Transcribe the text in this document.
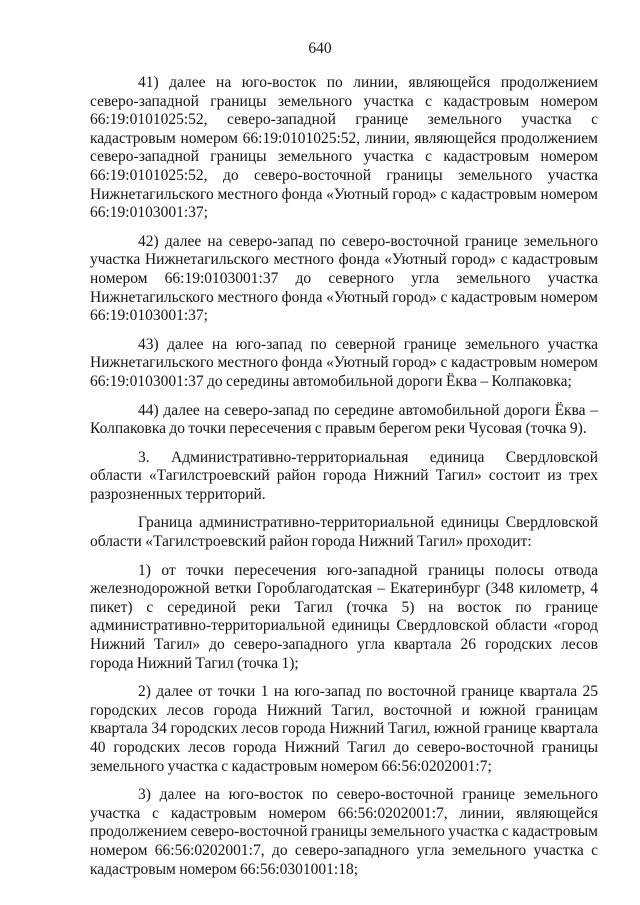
640

41) далее на юго-восток по линии, являющейся продолжением северо-западной границы земельного участка с кадастровым номером 66:19:0101025:52, северо-западной границе земельного участка с кадастровым номером 66:19:0101025:52, линии, являющейся продолжением северо-западной границы земельного участка с кадастровым номером 66:19:0101025:52, до северо-восточной границы земельного участка Нижнетагильского местного фонда «Уютный город» с кадастровым номером 66:19:0103001:37;

42) далее на северо-запад по северо-восточной границе земельного участка Нижнетагильского местного фонда «Уютный город» с кадастровым номером 66:19:0103001:37 до северного угла земельного участка Нижнетагильского местного фонда «Уютный город» с кадастровым номером 66:19:0103001:37;

43) далее на юго-запад по северной границе земельного участка Нижнетагильского местного фонда «Уютный город» с кадастровым номером 66:19:0103001:37 до середины автомобильной дороги Ёква – Колпаковка;

44) далее на северо-запад по середине автомобильной дороги Ёква – Колпаковка до точки пересечения с правым берегом реки Чусовая (точка 9).

3. Административно-территориальная единица Свердловской области «Тагилстроевский район города Нижний Тагил» состоит из трех разрозненных территорий.

Граница административно-территориальной единицы Свердловской области «Тагилстроевский район города Нижний Тагил» проходит:

1) от точки пересечения юго-западной границы полосы отвода железнодорожной ветки Гороблагодатская – Екатеринбург (348 километр, 4 пикет) с серединой реки Тагил (точка 5) на восток по границе административно-территориальной единицы Свердловской области «город Нижний Тагил» до северо-западного угла квартала 26 городских лесов города Нижний Тагил (точка 1);

2) далее от точки 1 на юго-запад по восточной границе квартала 25 городских лесов города Нижний Тагил, восточной и южной границам квартала 34 городских лесов города Нижний Тагил, южной границе квартала 40 городских лесов города Нижний Тагил до северо-восточной границы земельного участка с кадастровым номером 66:56:0202001:7;

3) далее на юго-восток по северо-восточной границе земельного участка с кадастровым номером 66:56:0202001:7, линии, являющейся продолжением северо-восточной границы земельного участка с кадастровым номером 66:56:0202001:7, до северо-западного угла земельного участка с кадастровым номером 66:56:0301001:18;
